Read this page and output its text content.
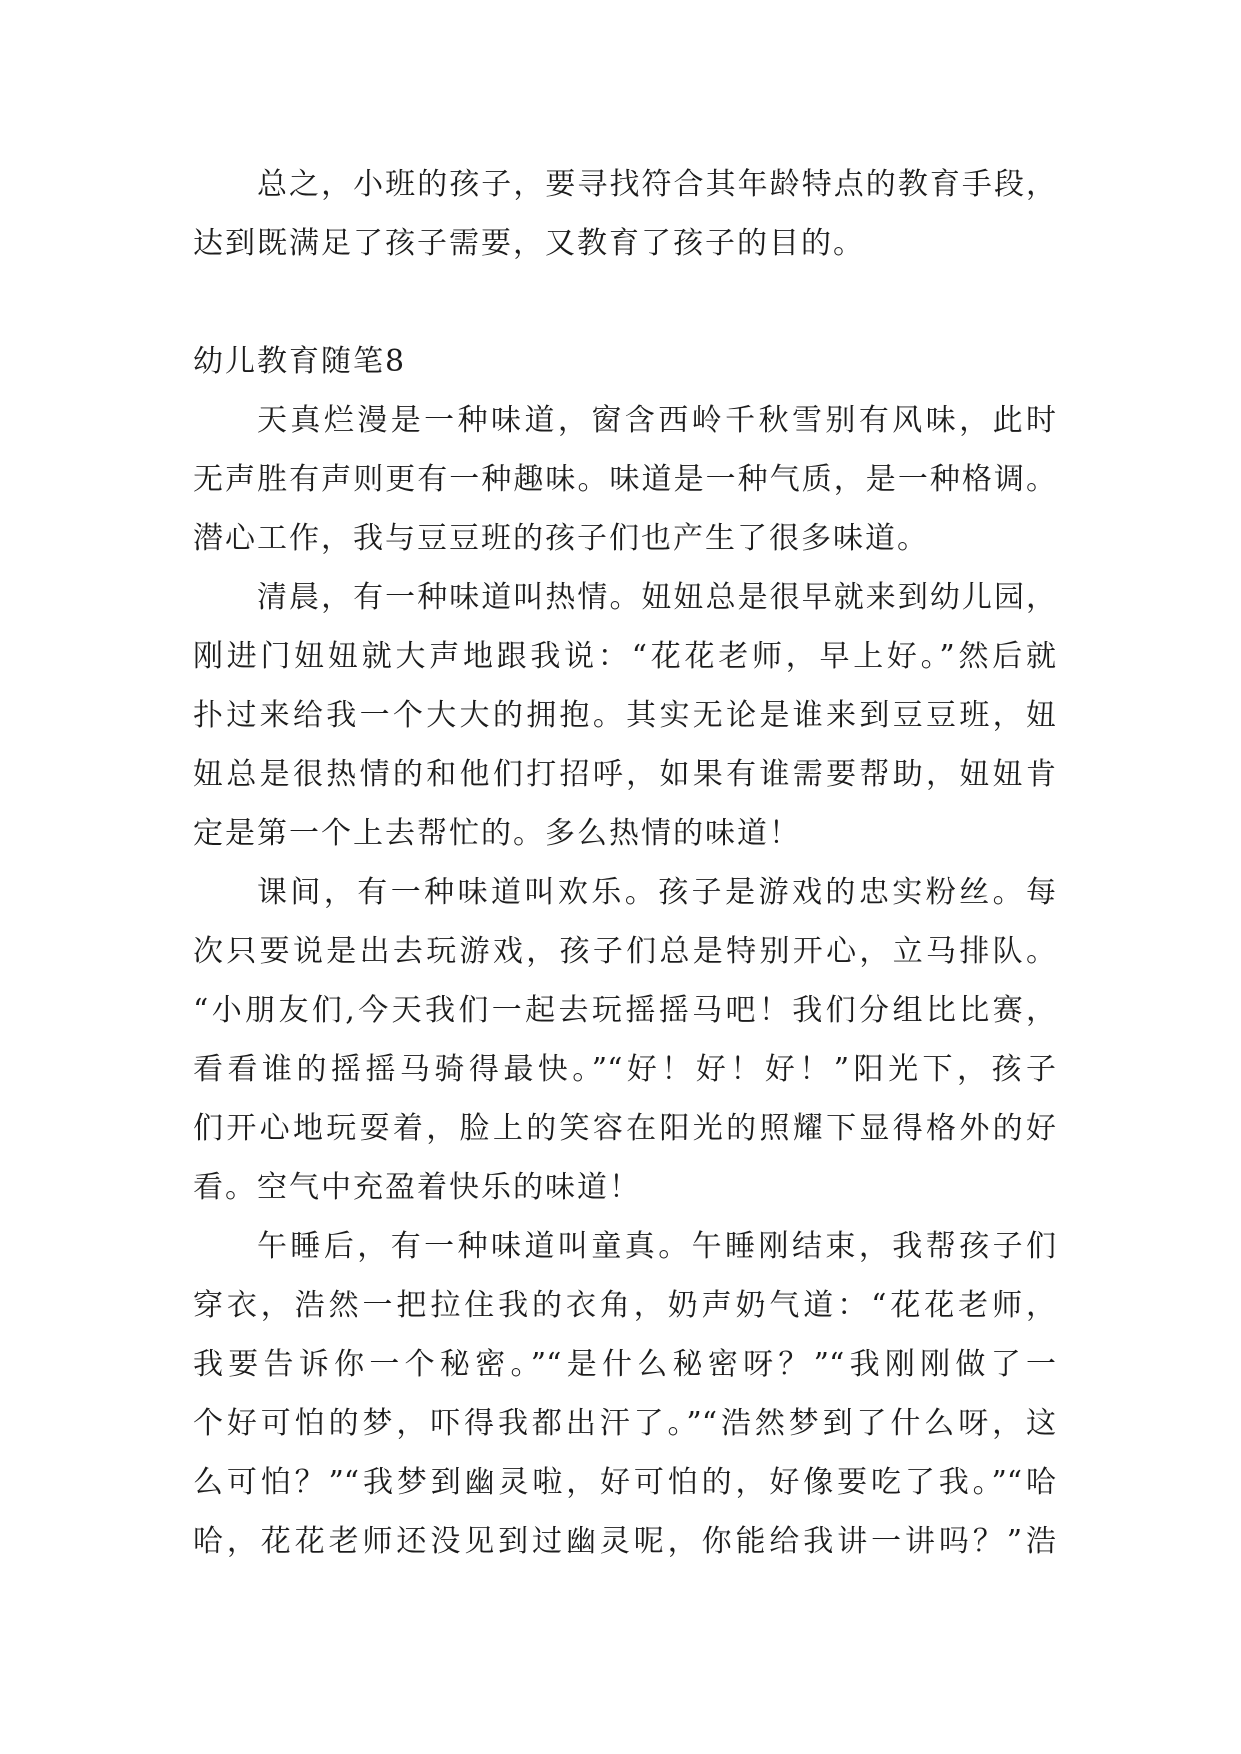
总之，小班的孩子，要寻找符合其年龄特点的教育手段，
达到既满足了孩子需要，又教育了孩子的目的。
幼儿教育随笔8
天真烂漫是一种味道，窗含西岭千秋雪别有风味，此时
无声胜有声则更有一种趣味。味道是一种气质，是一种格调。
潜心工作，我与豆豆班的孩子们也产生了很多味道。
清晨，有一种味道叫热情。妞妞总是很早就来到幼儿园，
刚进门妞妞就大声地跟我说：“花花老师，早上好。”然后就
扑过来给我一个大大的拥抱。其实无论是谁来到豆豆班，妞
妞总是很热情的和他们打招呼，如果有谁需要帮助，妞妞肯
定是第一个上去帮忙的。多么热情的味道！
课间，有一种味道叫欢乐。孩子是游戏的忠实粉丝。每
次只要说是出去玩游戏，孩子们总是特别开心，立马排队。
“小朋友们,今天我们一起去玩摇摇马吧！我们分组比比赛，
看看谁的摇摇马骑得最快。”“好！好！好！”阳光下，孩子
们开心地玩耍着，脸上的笑容在阳光的照耀下显得格外的好
看。空气中充盈着快乐的味道！
午睡后，有一种味道叫童真。午睡刚结束，我帮孩子们
穿衣，浩然一把拉住我的衣角，奶声奶气道：“花花老师，
我要告诉你一个秘密。”“是什么秘密呀？”“我刚刚做了一
个好可怕的梦，吓得我都出汗了。”“浩然梦到了什么呀，这
么可怕？”“我梦到幽灵啦，好可怕的，好像要吃了我。”“哈
哈，花花老师还没见到过幽灵呢，你能给我讲一讲吗？”浩
